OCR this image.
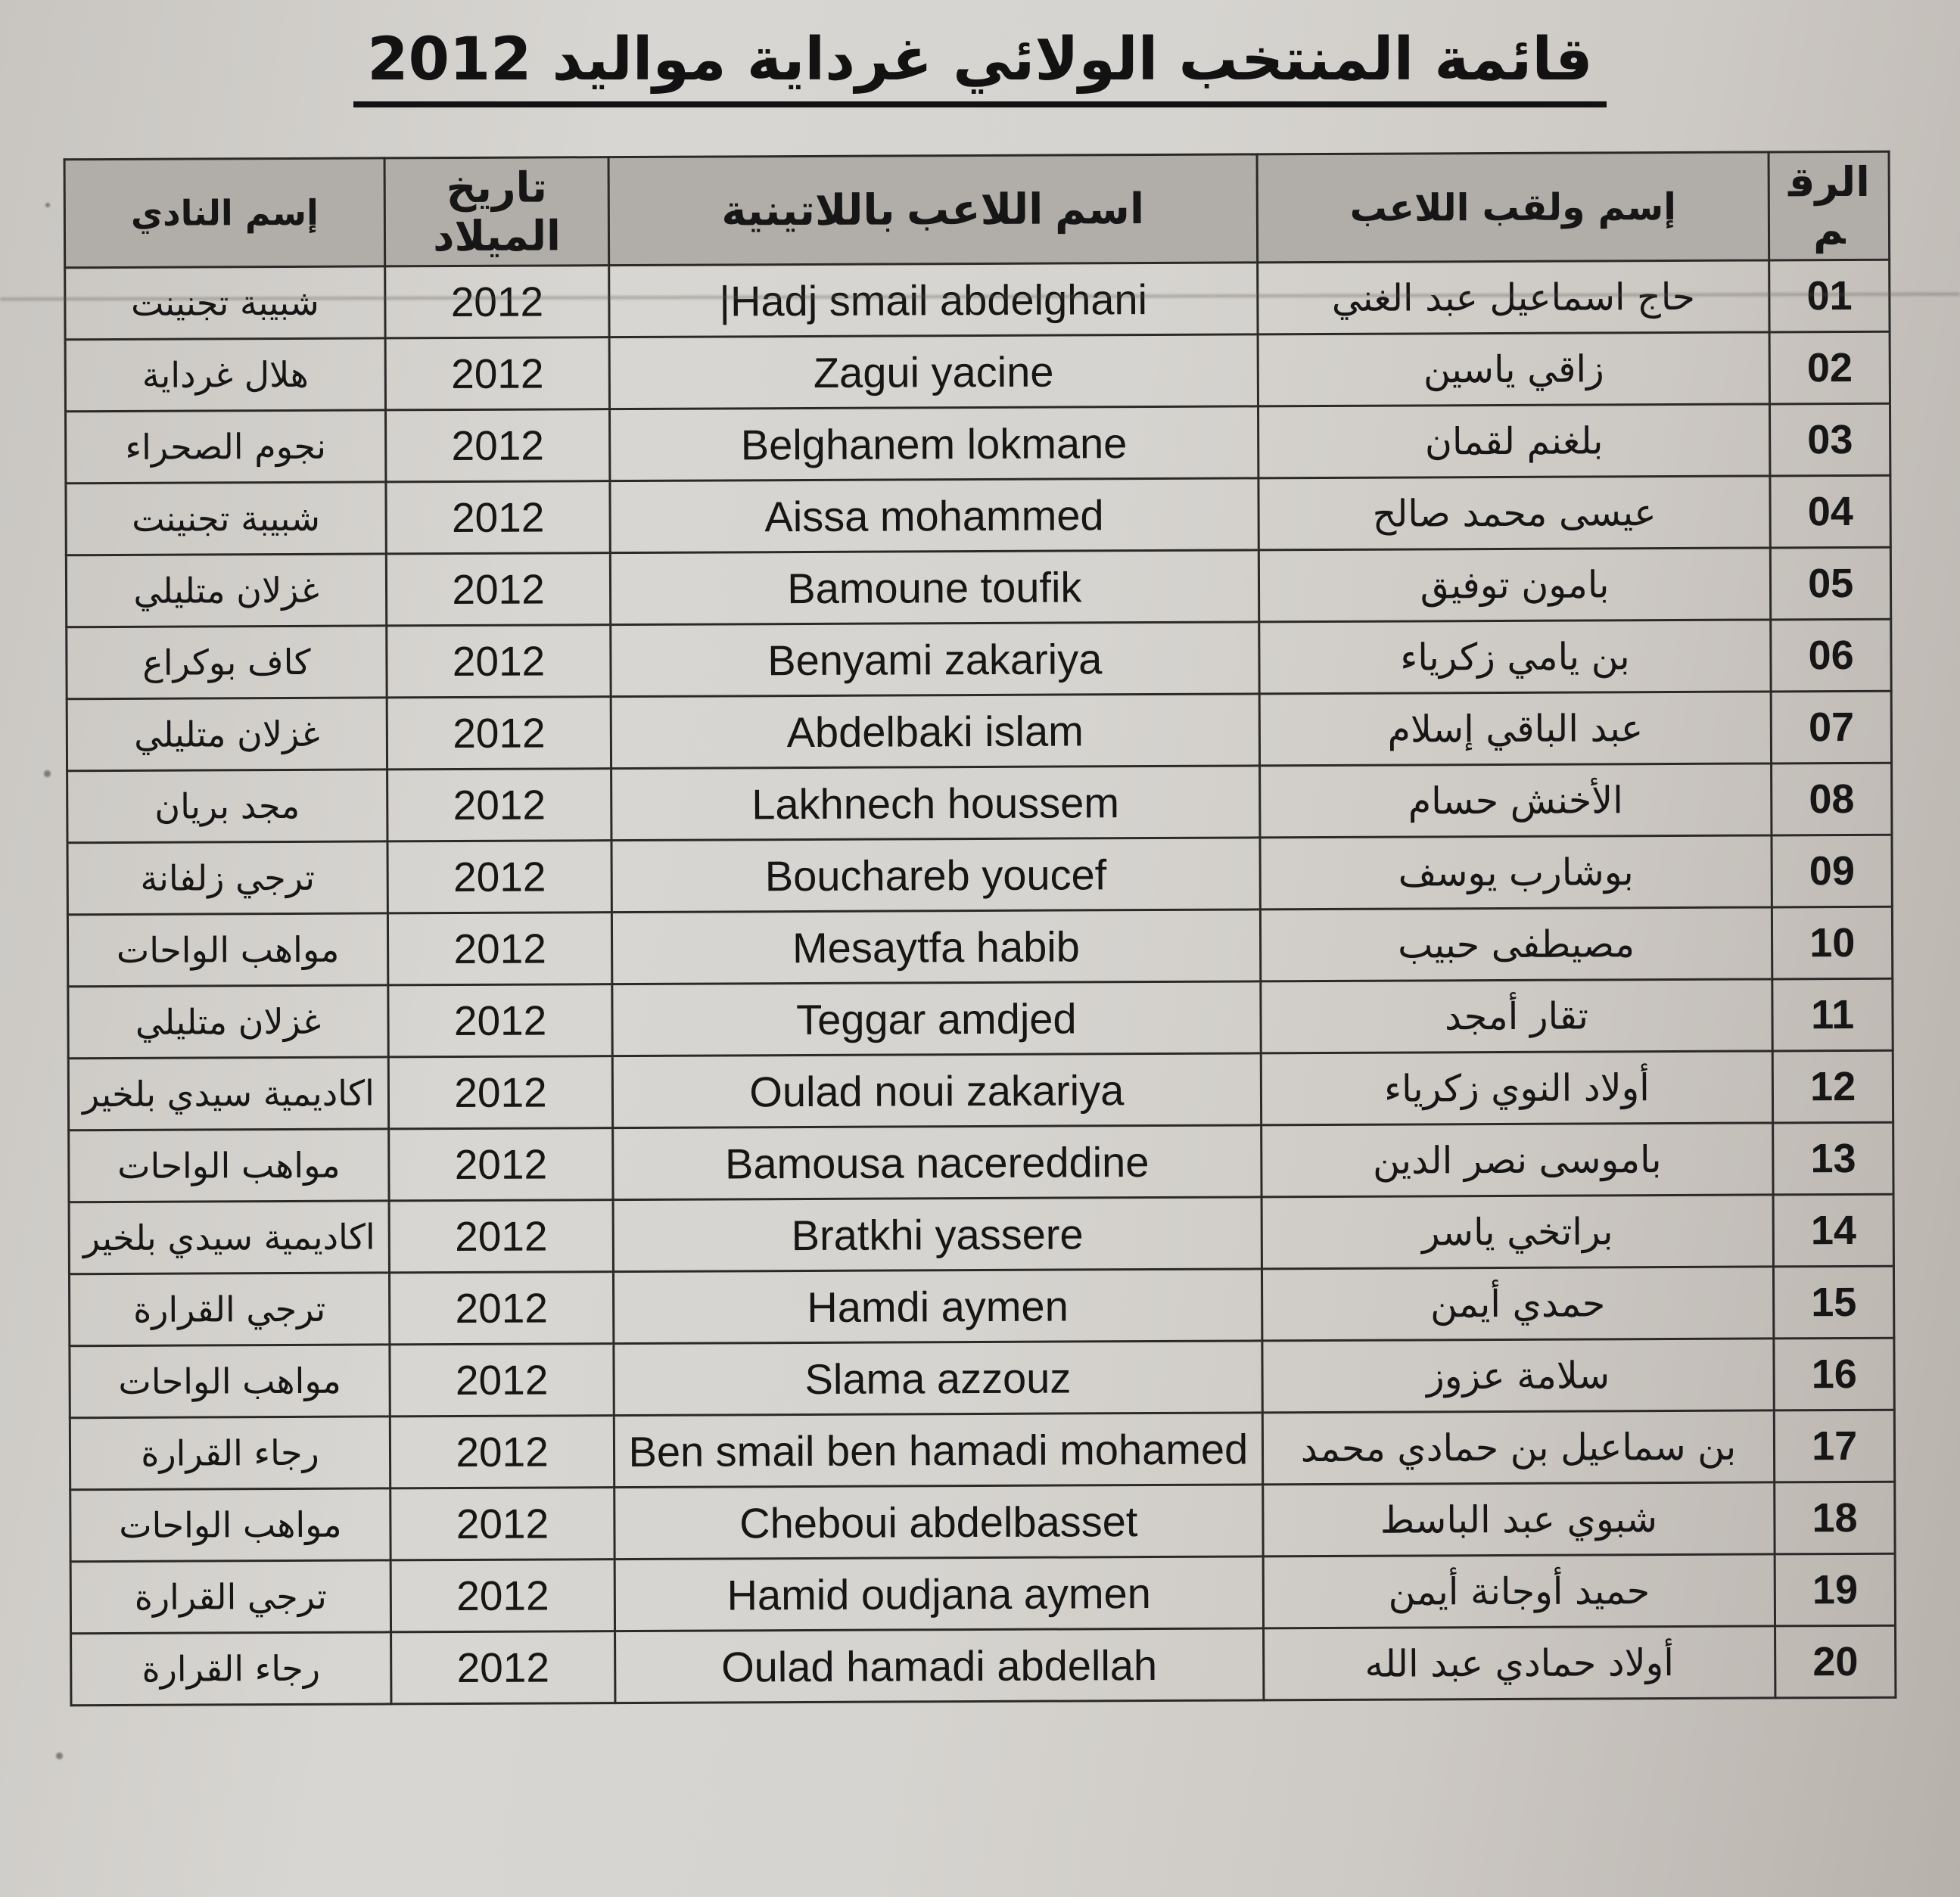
قائمة المنتخب الولائي غرداية مواليد 2012
الرقم	إسم ولقب اللاعب	اسم اللاعب باللاتينية	تاريخ الميلاد	إسم النادي
01	حاج اسماعيل عبد الغني	|Hadj smail abdelghani	2012	شبيبة تجنينت
02	زاقي ياسين	Zagui yacine	2012	هلال غرداية
03	بلغنم لقمان	Belghanem lokmane	2012	نجوم الصحراء
04	عيسى محمد صالح	Aissa mohammed	2012	شبيبة تجنينت
05	بامون توفيق	Bamoune toufik	2012	غزلان متليلي
06	بن يامي زكرياء	Benyami zakariya	2012	كاف بوكراع
07	عبد الباقي إسلام	Abdelbaki islam	2012	غزلان متليلي
08	الأخنش حسام	Lakhnech houssem	2012	مجد بريان
09	بوشارب يوسف	Bouchareb youcef	2012	ترجي زلفانة
10	مصيطفى حبيب	Mesaytfa habib	2012	مواهب الواحات
11	تقار أمجد	Teggar amdjed	2012	غزلان متليلي
12	أولاد النوي زكرياء	Oulad noui zakariya	2012	اكاديمية سيدي بلخير
13	باموسى نصر الدين	Bamousa nacereddine	2012	مواهب الواحات
14	براتخي ياسر	Bratkhi yassere	2012	اكاديمية سيدي بلخير
15	حمدي أيمن	Hamdi aymen	2012	ترجي القرارة
16	سلامة عزوز	Slama azzouz	2012	مواهب الواحات
17	بن سماعيل بن حمادي محمد	Ben smail ben hamadi mohamed	2012	رجاء القرارة
18	شبوي عبد الباسط	Cheboui abdelbasset	2012	مواهب الواحات
19	حميد أوجانة أيمن	Hamid oudjana aymen	2012	ترجي القرارة
20	أولاد حمادي عبد الله	Oulad hamadi abdellah	2012	رجاء القرارة
